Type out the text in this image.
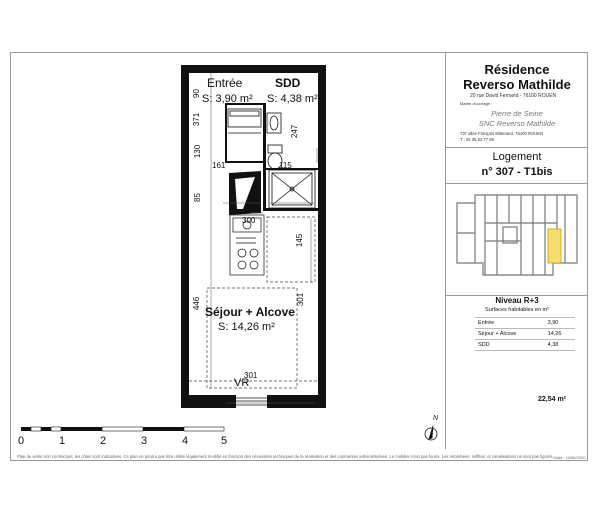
Entrée
S: 3,90 m²
SDD
S: 4,38 m²
Séjour + Alcove
S: 14,26 m²
90
371
130
85
446
161	115
247
300
145
301
301
VR
0	1	2	3	4	5
N
Résidence
Reverso Mathilde
20 rue David Fernand - 76100 ROUEN
Maître d'ouvrage :
Pierre de Seine
SNC Reverso Mathilde
737 allée François Mitterand, 76100 ROUEN
T : 02 35 52 77 99
Logement
n° 307 - T1bis
Niveau R+3
Surfaces habitables en m²
Entrée	3,90
Séjour + Alcove	14,26
SDD	4,38
22,54 m²
Plan de vente non contractuel, les côtes sont indicatives. Ce plan ne pourra pas être utilisé légalement modifié en fonction des nécessités techniques de la réalisation et des contraintes administratives. Le mobilier n'est pas fourni. Les retombées, soffites, et canalisations ne sont pas figurés. Date : 11/06/2020
